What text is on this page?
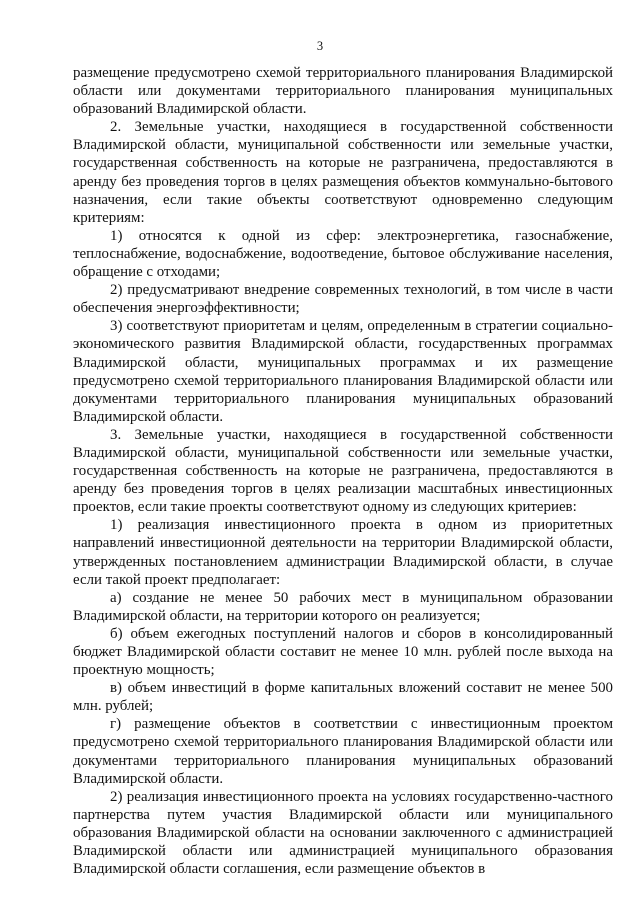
3

размещение предусмотрено схемой территориального планирования Владимирской области или документами территориального планирования муниципальных образований Владимирской области.

2. Земельные участки, находящиеся в государственной собственности Владимирской области, муниципальной собственности или земельные участки, государственная собственность на которые не разграничена, предоставляются в аренду без проведения торгов в целях размещения объектов коммунально-бытового назначения, если такие объекты соответствуют одновременно следующим критериям:

1) относятся к одной из сфер: электроэнергетика, газоснабжение, теплоснабжение, водоснабжение, водоотведение, бытовое обслуживание населения, обращение с отходами;

2) предусматривают внедрение современных технологий, в том числе в части обеспечения энергоэффективности;

3) соответствуют приоритетам и целям, определенным в стратегии социально-экономического развития Владимирской области, государственных программах Владимирской области, муниципальных программах и их размещение предусмотрено схемой территориального планирования Владимирской области или документами территориального планирования муниципальных образований Владимирской области.

3. Земельные участки, находящиеся в государственной собственности Владимирской области, муниципальной собственности или земельные участки, государственная собственность на которые не разграничена, предоставляются в аренду без проведения торгов в целях реализации масштабных инвестиционных проектов, если такие проекты соответствуют одному из следующих критериев:

1) реализация инвестиционного проекта в одном из приоритетных направлений инвестиционной деятельности на территории Владимирской области, утвержденных постановлением администрации Владимирской области, в случае если такой проект предполагает:

а) создание не менее 50 рабочих мест в муниципальном образовании Владимирской области, на территории которого он реализуется;

б) объем ежегодных поступлений налогов и сборов в консолидированный бюджет Владимирской области составит не менее 10 млн. рублей после выхода на проектную мощность;

в) объем инвестиций в форме капитальных вложений составит не менее 500 млн. рублей;

г) размещение объектов в соответствии с инвестиционным проектом предусмотрено схемой территориального планирования Владимирской области или документами территориального планирования муниципальных образований Владимирской области.

2) реализация инвестиционного проекта на условиях государственно-частного партнерства путем участия Владимирской области или муниципального образования Владимирской области на основании заключенного с администрацией Владимирской области или администрацией муниципального образования Владимирской области соглашения, если размещение объектов в
